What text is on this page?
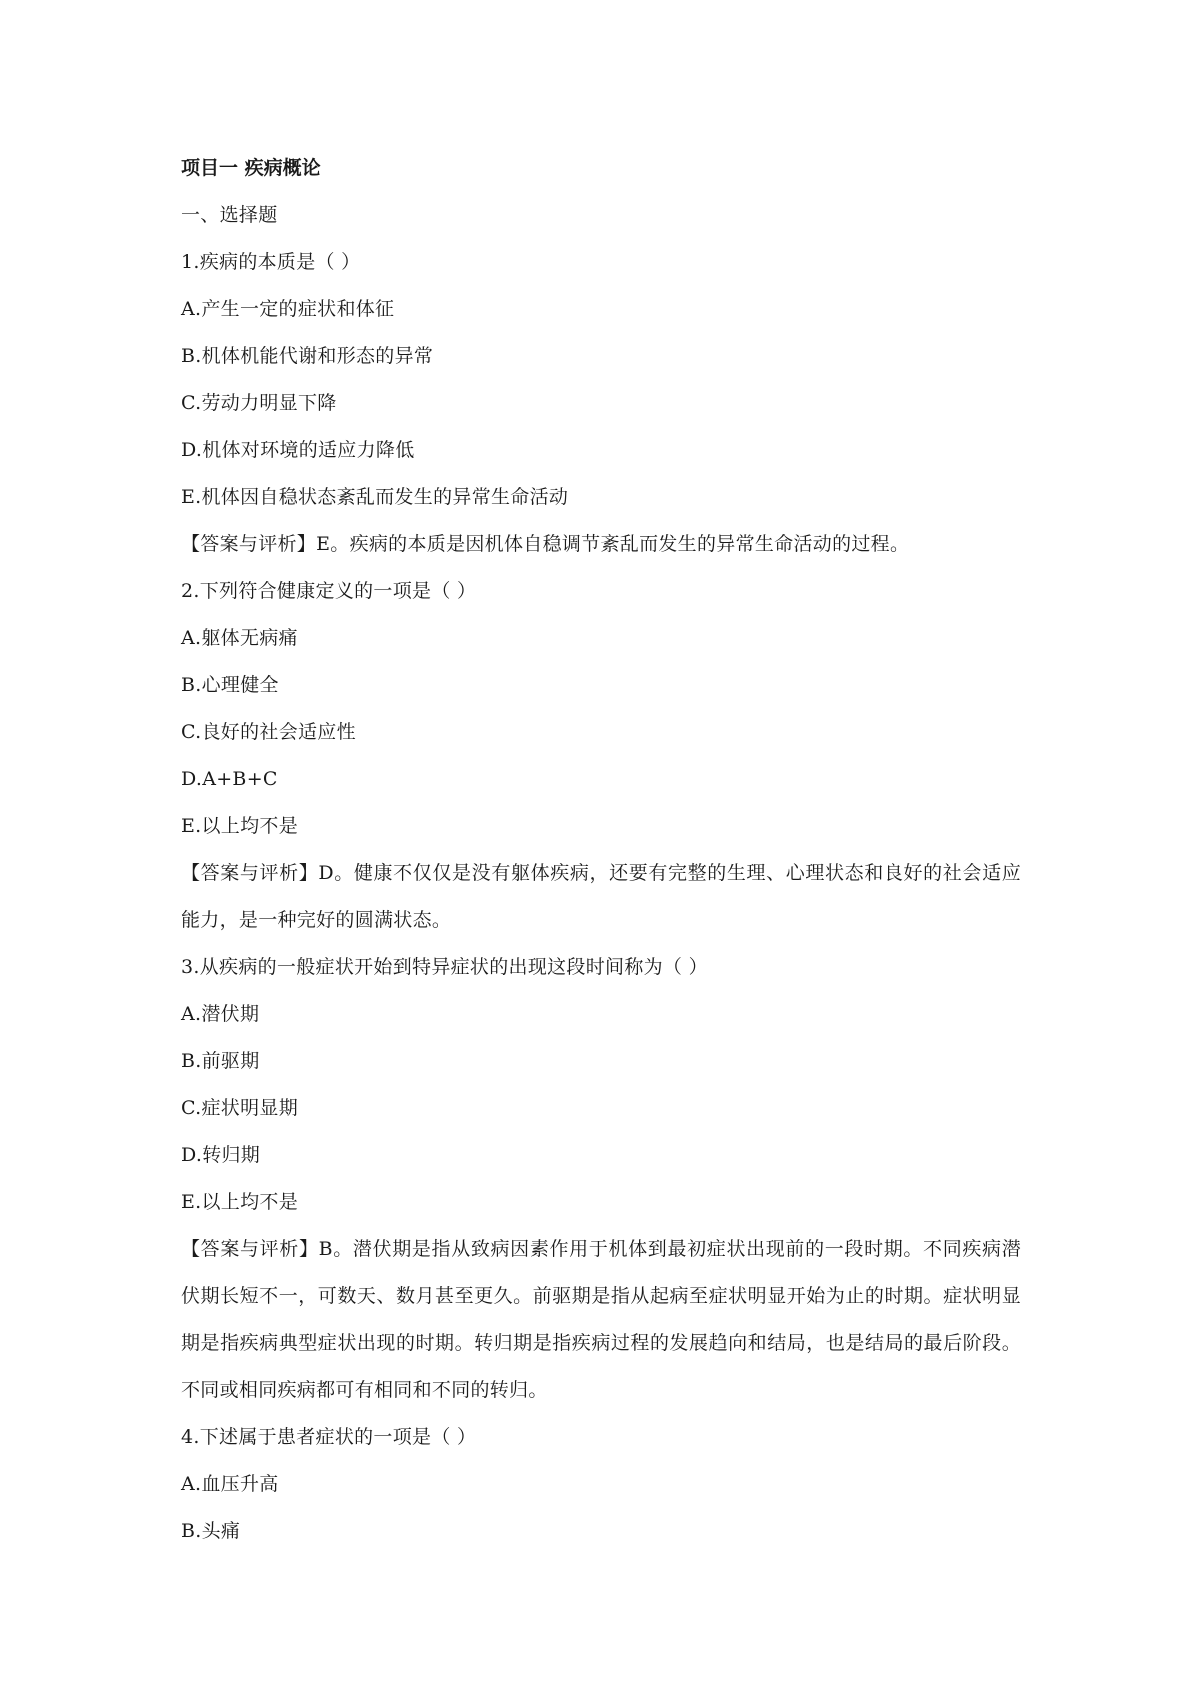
项目一 疾病概论
一、选择题
1.疾病的本质是（ ）
A.产生一定的症状和体征
B.机体机能代谢和形态的异常
C.劳动力明显下降
D.机体对环境的适应力降低
E.机体因自稳状态紊乱而发生的异常生命活动
【答案与评析】E。疾病的本质是因机体自稳调节紊乱而发生的异常生命活动的过程。
2.下列符合健康定义的一项是（ ）
A.躯体无病痛
B.心理健全
C.良好的社会适应性
D.A+B+C
E.以上均不是
【答案与评析】D。健康不仅仅是没有躯体疾病，还要有完整的生理、心理状态和良好的社会适应能力，是一种完好的圆满状态。
3.从疾病的一般症状开始到特异症状的出现这段时间称为（ ）
A.潜伏期
B.前驱期
C.症状明显期
D.转归期
E.以上均不是
【答案与评析】B。潜伏期是指从致病因素作用于机体到最初症状出现前的一段时期。不同疾病潜伏期长短不一，可数天、数月甚至更久。前驱期是指从起病至症状明显开始为止的时期。症状明显期是指疾病典型症状出现的时期。转归期是指疾病过程的发展趋向和结局，也是结局的最后阶段。不同或相同疾病都可有相同和不同的转归。
4.下述属于患者症状的一项是（ ）
A.血压升高
B.头痛
